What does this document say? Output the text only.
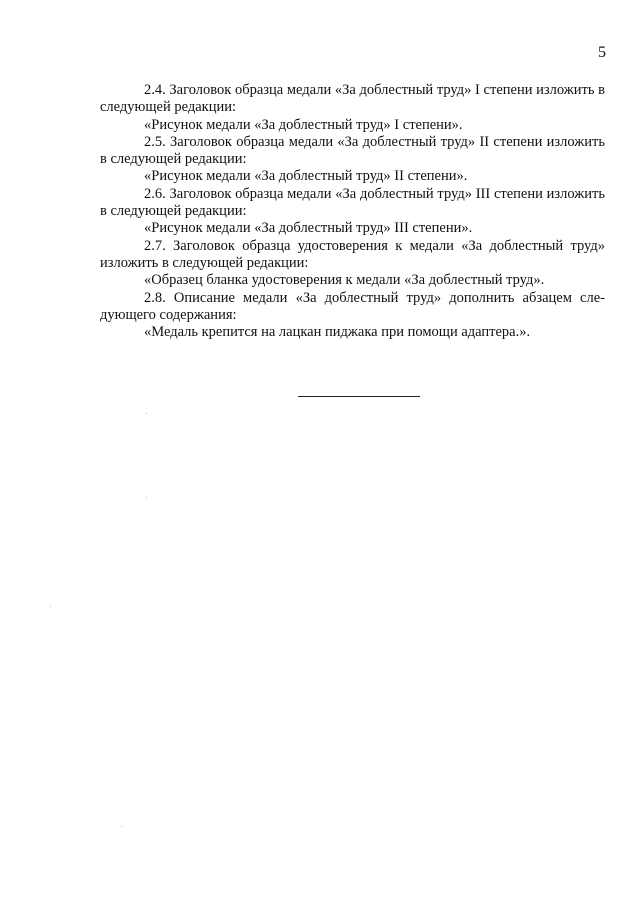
5

2.4. Заголовок образца медали «За доблестный труд» I степени изложить в следующей редакции:

«Рисунок медали «За доблестный труд» I степени».

2.5. Заголовок образца медали «За доблестный труд» II степени изложить в следующей редакции:

«Рисунок медали «За доблестный труд» II степени».

2.6. Заголовок образца медали «За доблестный труд» III степени изложить в следующей редакции:

«Рисунок медали «За доблестный труд» III степени».

2.7. Заголовок образца удостоверения к медали «За доблестный труд» изложить в следующей редакции:

«Образец бланка удостоверения к медали «За доблестный труд».

2.8. Описание медали «За доблестный труд» дополнить абзацем следующего содержания:

«Медаль крепится на лацкан пиджака при помощи адаптера.».
